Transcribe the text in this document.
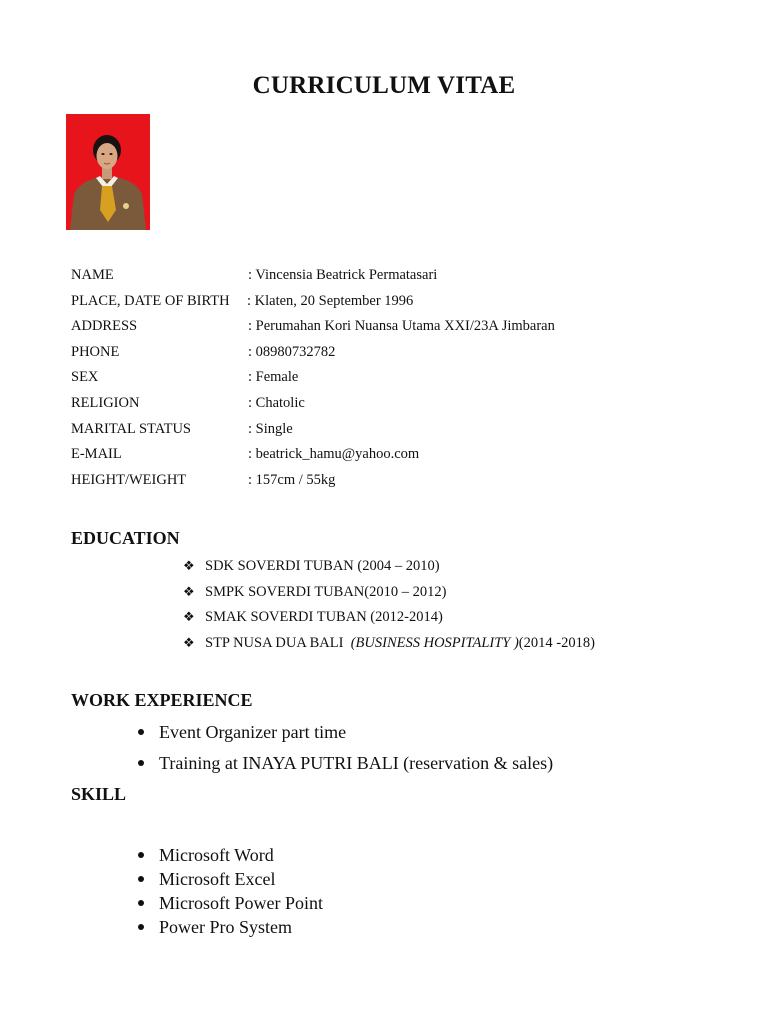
CURRICULUM VITAE
NAME	: Vincensia Beatrick Permatasari
PLACE, DATE OF BIRTH : Klaten, 20 September 1996
ADDRESS	: Perumahan Kori Nuansa Utama XXI/23A Jimbaran
PHONE	: 08980732782
SEX	: Female
RELIGION	: Chatolic
MARITAL STATUS	: Single
E-MAIL	: beatrick_hamu@yahoo.com
HEIGHT/WEIGHT	: 157cm / 55kg
EDUCATION
❖ SDK SOVERDI TUBAN (2004 – 2010)
❖ SMPK SOVERDI TUBAN(2010 – 2012)
❖ SMAK SOVERDI TUBAN (2012-2014)
❖ STP NUSA DUA BALI  (BUSINESS HOSPITALITY )(2014 -2018)
WORK EXPERIENCE
Event Organizer part time
Training at INAYA PUTRI BALI (reservation & sales)
SKILL
Microsoft Word
Microsoft Excel
Microsoft Power Point
Power Pro System
